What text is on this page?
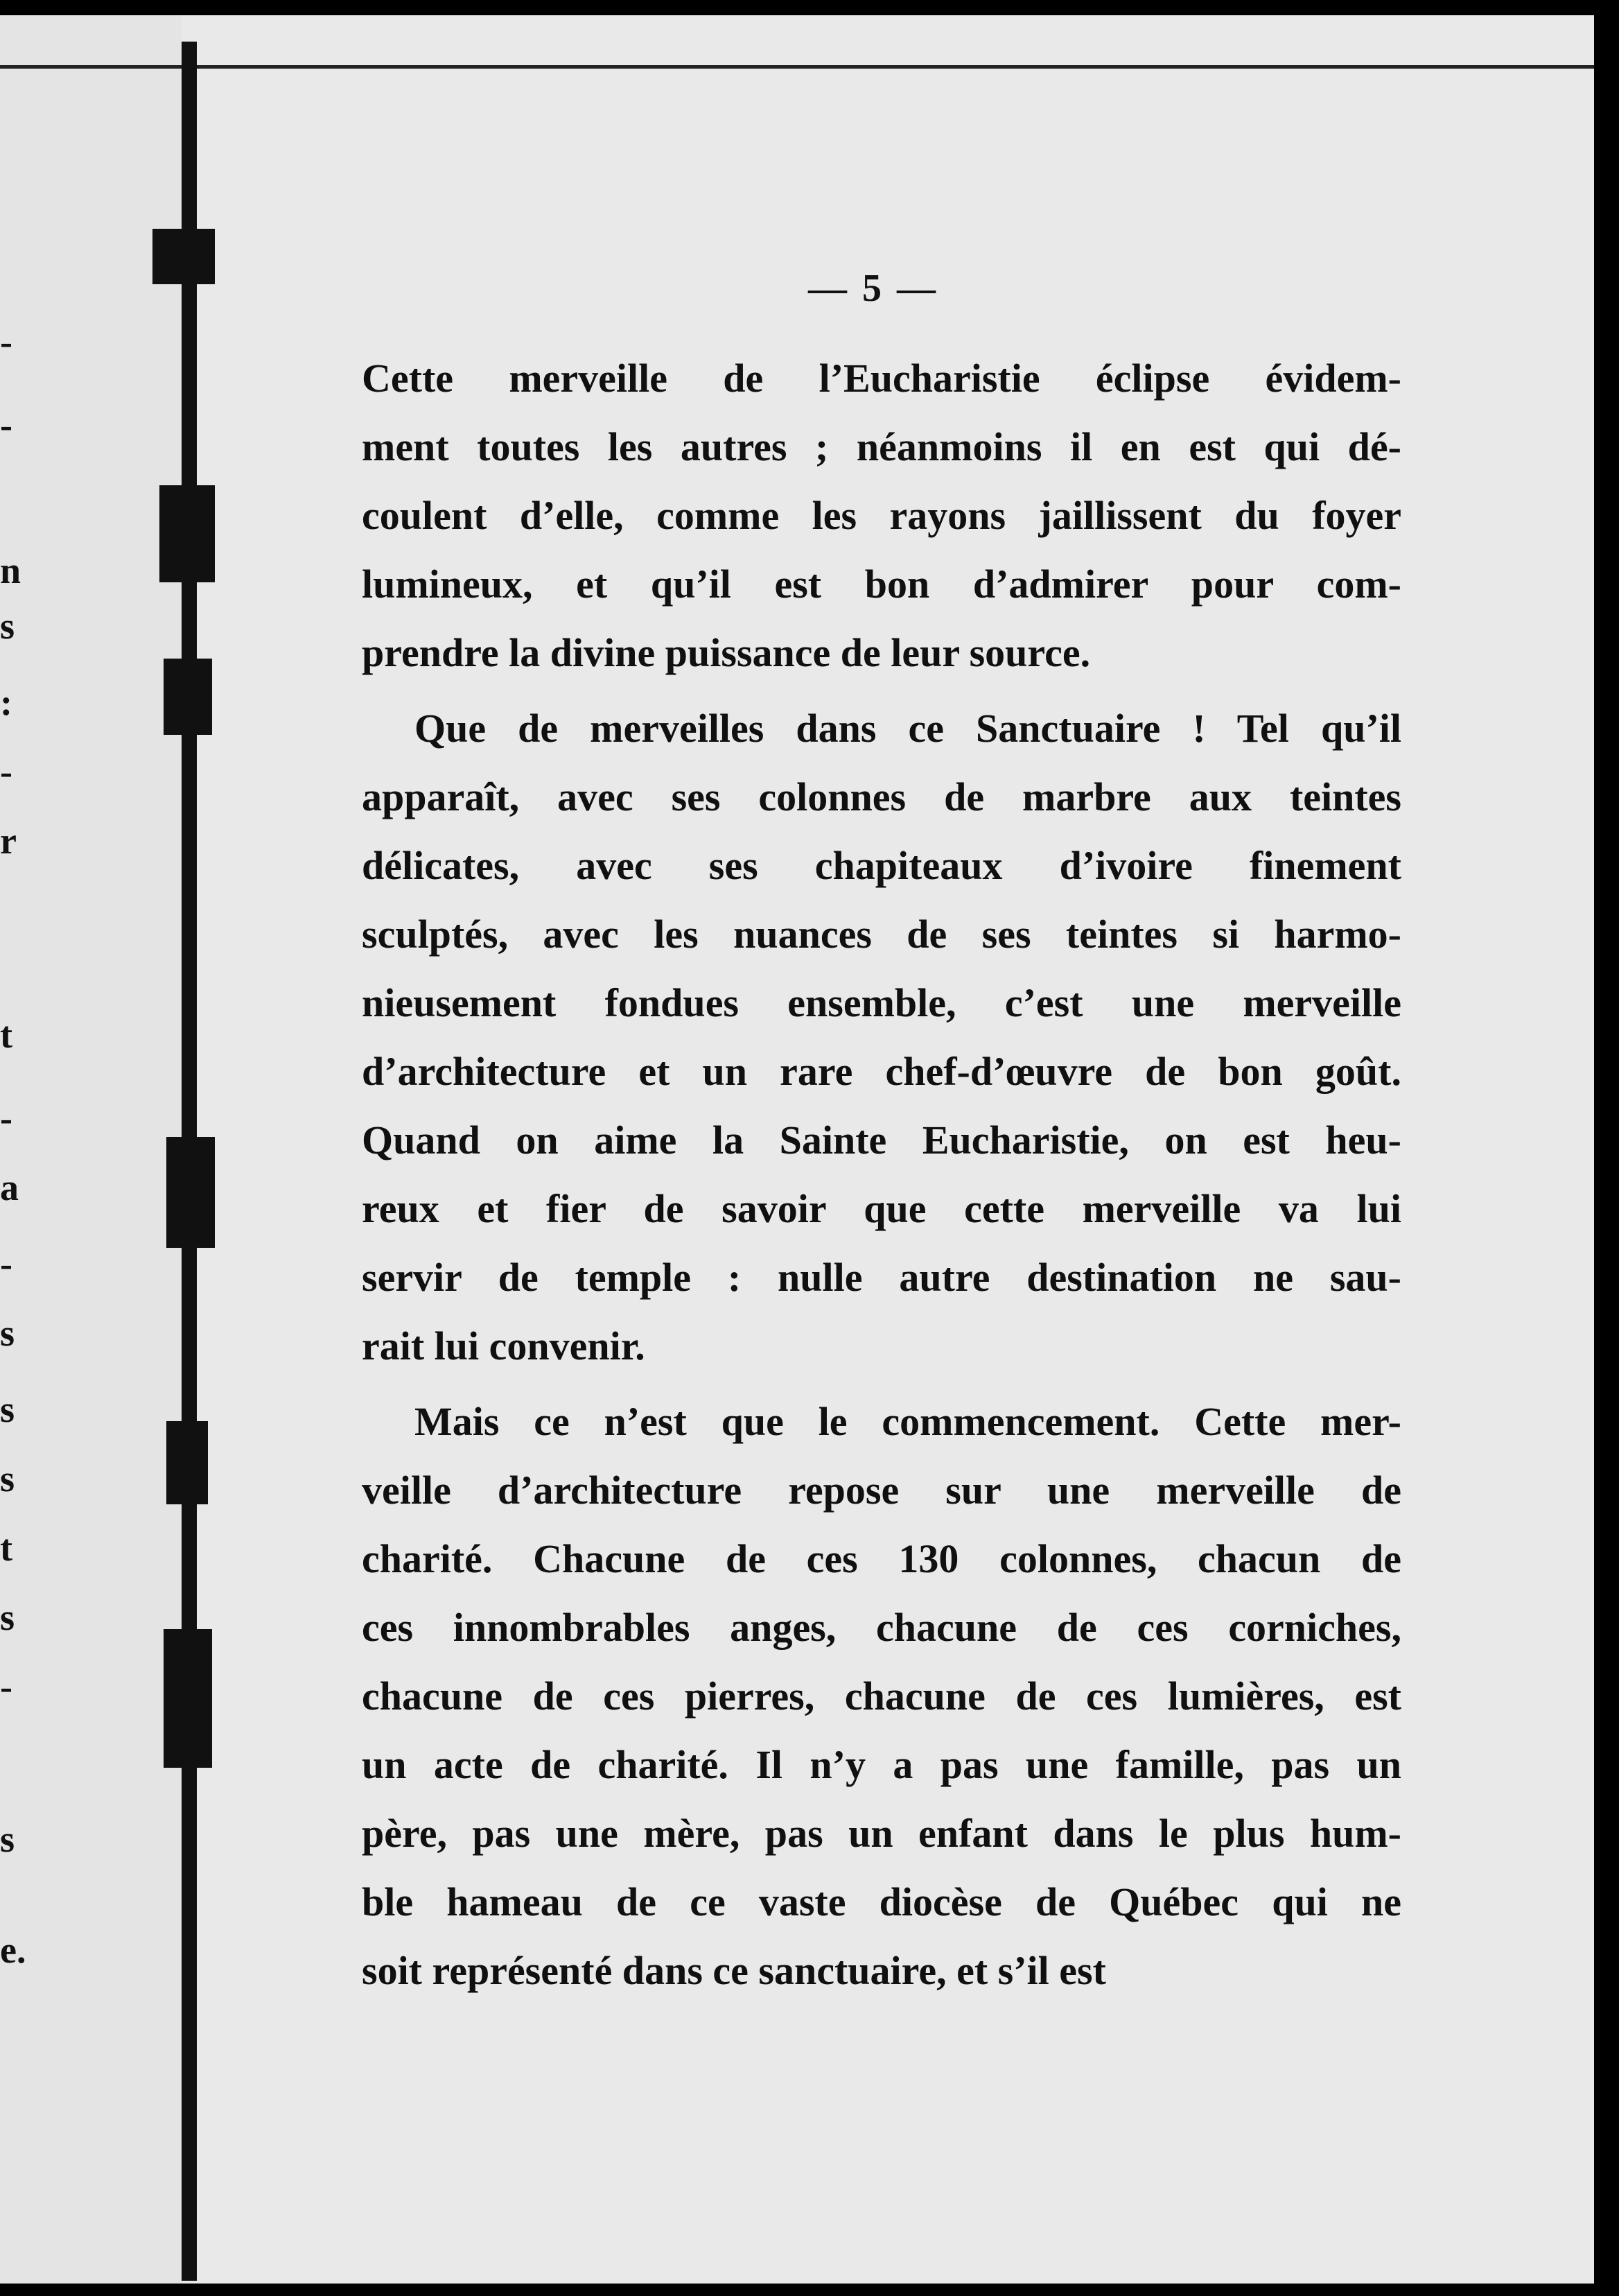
-
-
n
s
:
-
r
t
-
a
-
s
s
s
t
s
-
s
e.
— 5 —
Cette merveille de l’Eucharistie éclipse évidem-
ment toutes les autres ; néanmoins il en est qui dé-
coulent d’elle, comme les rayons jaillissent du foyer
lumineux, et qu’il est bon d’admirer pour com-
prendre la divine puissance de leur source.
Que de merveilles dans ce Sanctuaire ! Tel qu’il
apparaît, avec ses colonnes de marbre aux teintes
délicates, avec ses chapiteaux d’ivoire finement
sculptés, avec les nuances de ses teintes si harmo-
nieusement fondues ensemble, c’est une merveille
d’architecture et un rare chef-d’œuvre de bon goût.
Quand on aime la Sainte Eucharistie, on est heu-
reux et fier de savoir que cette merveille va lui
servir de temple : nulle autre destination ne sau-
rait lui convenir.
Mais ce n’est que le commencement. Cette mer-
veille d’architecture repose sur une merveille de
charité. Chacune de ces 130 colonnes, chacun de
ces innombrables anges, chacune de ces corniches,
chacune de ces pierres, chacune de ces lumières, est
un acte de charité. Il n’y a pas une famille, pas un
père, pas une mère, pas un enfant dans le plus hum-
ble hameau de ce vaste diocèse de Québec qui ne
soit représenté dans ce sanctuaire, et s’il est
